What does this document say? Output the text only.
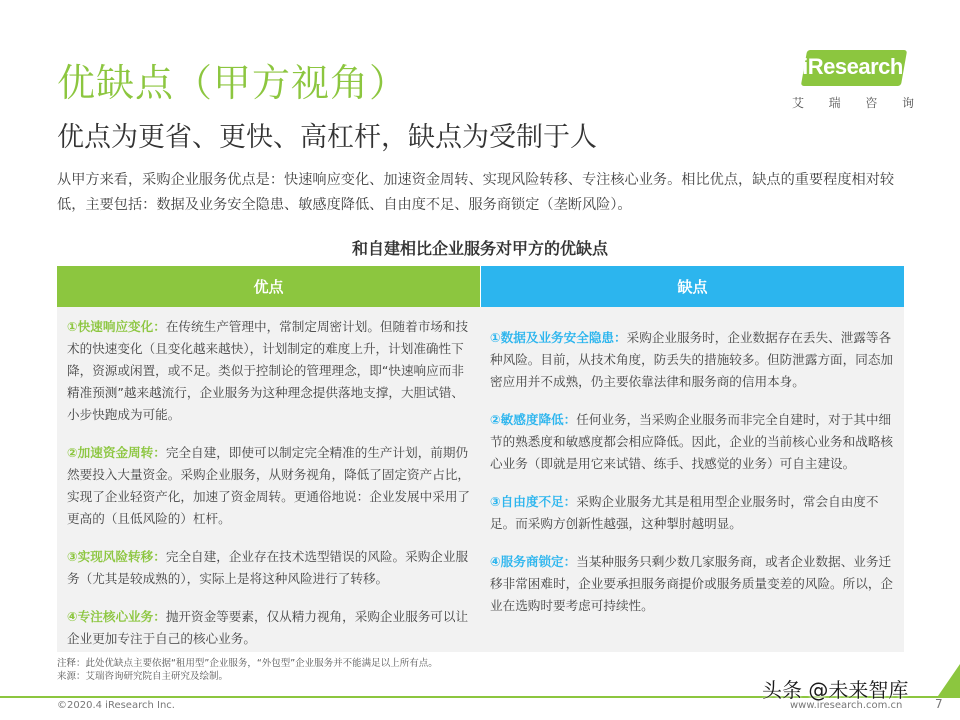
优缺点（甲方视角）
优点为更省、更快、高杠杆，缺点为受制于人
iResearch
艾 瑞 咨 询
从甲方来看，采购企业服务优点是：快速响应变化、加速资金周转、实现风险转移、专注核心业务。相比优点，缺点的重要程度相对较低，主要包括：数据及业务安全隐患、敏感度降低、自由度不足、服务商锁定（垄断风险）。
和自建相比企业服务对甲方的优缺点
优点	缺点
①快速响应变化：在传统生产管理中，常制定周密计划。但随着市场和技术的快速变化（且变化越来越快），计划制定的难度上升，计划准确性下降，资源或闲置，或不足。类似于控制论的管理理念，即“快速响应而非精准预测”越来越流行，企业服务为这种理念提供落地支撑，大胆试错、小步快跑成为可能。
②加速资金周转：完全自建，即使可以制定完全精准的生产计划，前期仍然要投入大量资金。采购企业服务，从财务视角，降低了固定资产占比，实现了企业轻资产化，加速了资金周转。更通俗地说：企业发展中采用了更高的（且低风险的）杠杆。
③实现风险转移：完全自建，企业存在技术选型错误的风险。采购企业服务（尤其是较成熟的），实际上是将这种风险进行了转移。
④专注核心业务：抛开资金等要素，仅从精力视角，采购企业服务可以让企业更加专注于自己的核心业务。
①数据及业务安全隐患：采购企业服务时，企业数据存在丢失、泄露等各种风险。目前，从技术角度，防丢失的措施较多。但防泄露方面，同态加密应用并不成熟，仍主要依靠法律和服务商的信用本身。
②敏感度降低：任何业务，当采购企业服务而非完全自建时，对于其中细节的熟悉度和敏感度都会相应降低。因此，企业的当前核心业务和战略核心业务（即就是用它来试错、练手、找感觉的业务）可自主建设。
③自由度不足：采购企业服务尤其是租用型企业服务时，常会自由度不足。而采购方创新性越强，这种掣肘越明显。
④服务商锁定：当某种服务只剩少数几家服务商，或者企业数据、业务迁移非常困难时，企业要承担服务商提价或服务质量变差的风险。所以，企业在选购时要考虑可持续性。
注释：此处优缺点主要依据“租用型”企业服务，“外包型”企业服务并不能满足以上所有点。
来源：艾瑞咨询研究院自主研究及绘制。
©2020.4 iResearch Inc.	www.iresearch.com.cn	7
头条 @未来智库
